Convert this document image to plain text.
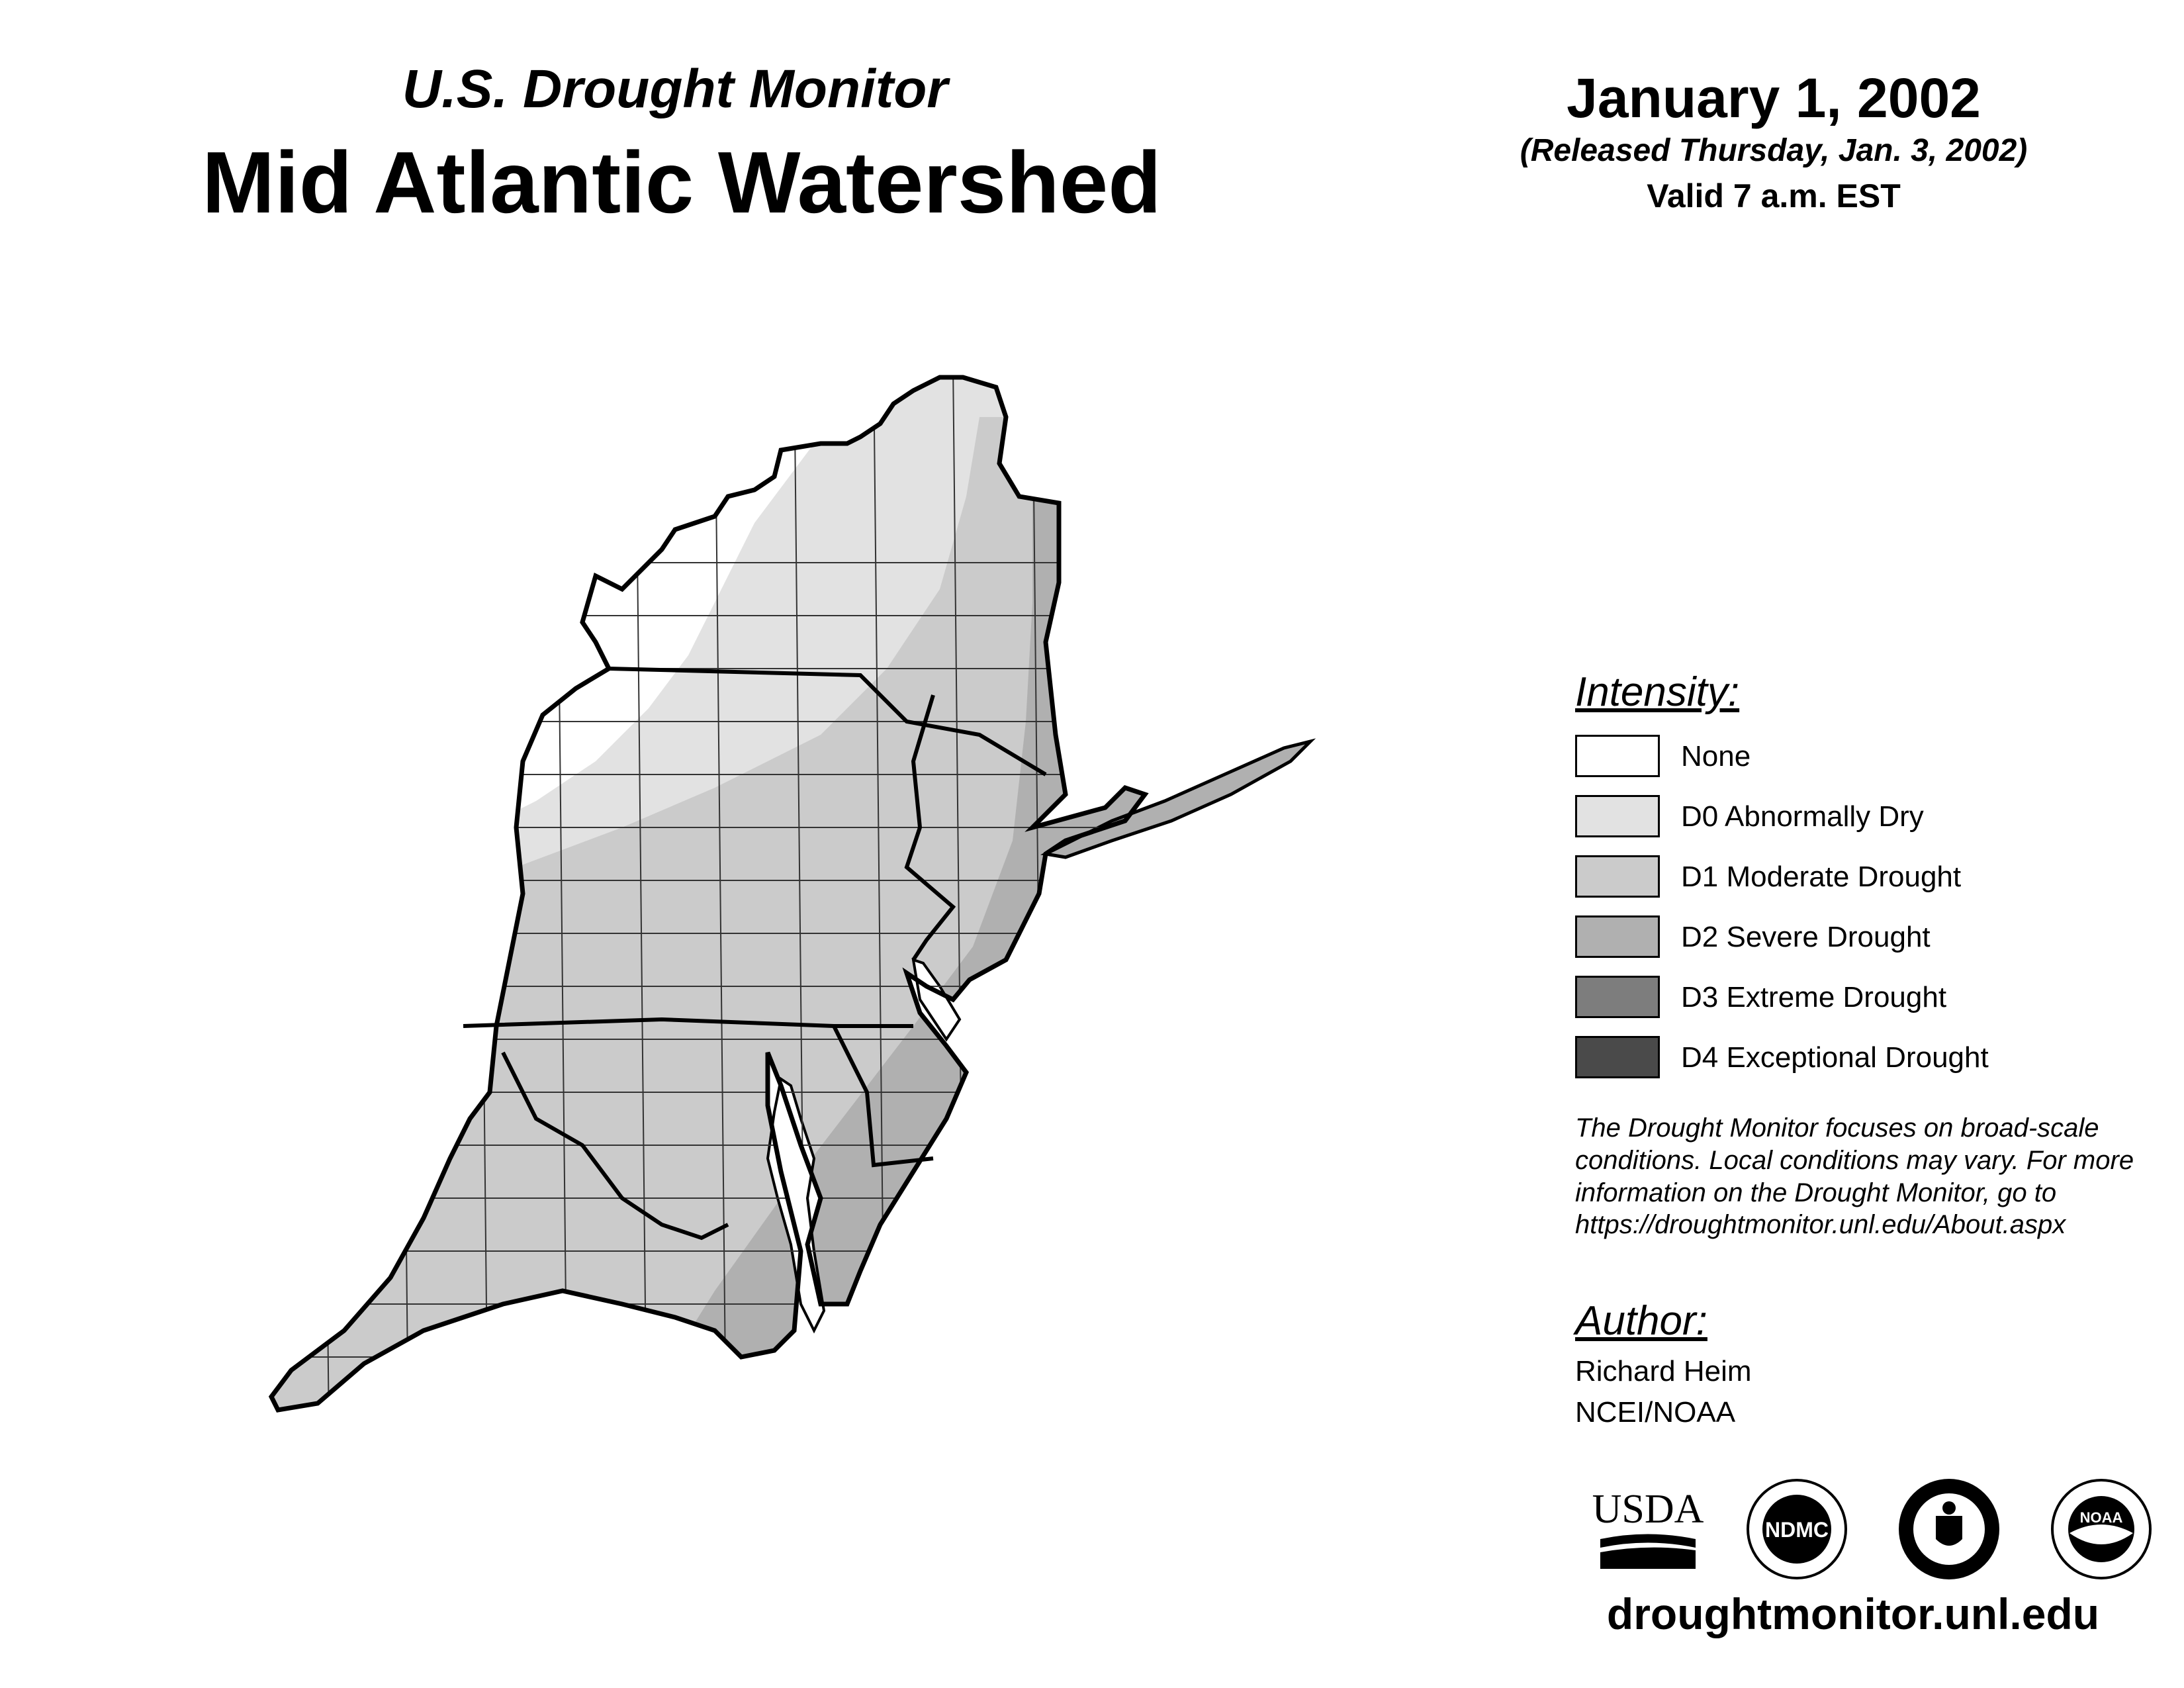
U.S. Drought Monitor
Mid Atlantic Watershed
January 1, 2002
(Released Thursday, Jan. 3, 2002)
Valid 7 a.m. EST
Intensity:
None
D0 Abnormally Dry
D1 Moderate Drought
D2 Severe Drought
D3 Extreme Drought
D4 Exceptional Drought
The Drought Monitor focuses on broad-scale
conditions. Local conditions may vary. For more
information on the Drought Monitor, go to
https://droughtmonitor.unl.edu/About.aspx
Author:
Richard Heim
NCEI/NOAA
USDA	NDMC
NOAA
droughtmonitor.unl.edu
